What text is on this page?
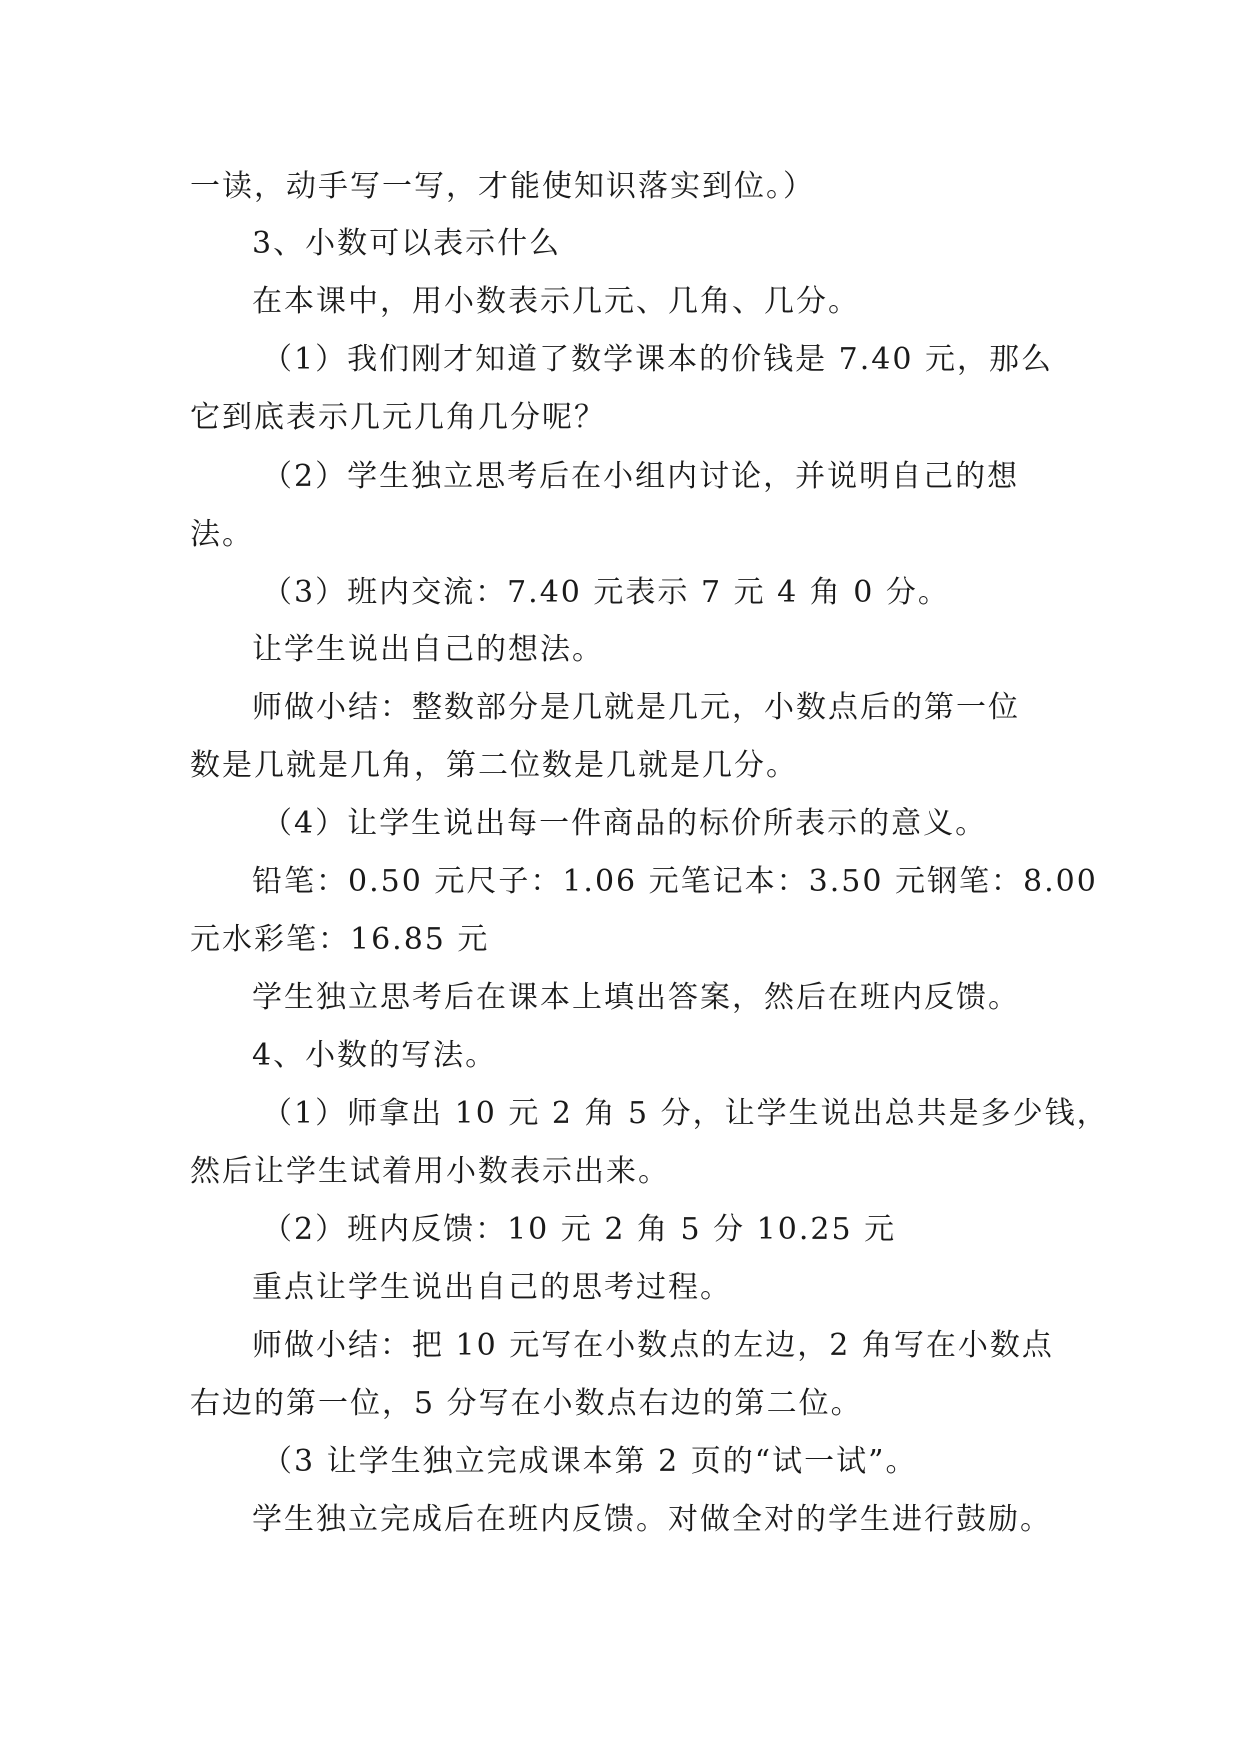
一读，动手写一写，才能使知识落实到位。）

3、小数可以表示什么

在本课中，用小数表示几元、几角、几分。

（1）我们刚才知道了数学课本的价钱是 7.40 元，那么

它到底表示几元几角几分呢？

（2）学生独立思考后在小组内讨论，并说明自己的想

法。

（3）班内交流：7.40 元表示 7 元 4 角 0 分。

让学生说出自己的想法。

师做小结：整数部分是几就是几元，小数点后的第一位

数是几就是几角，第二位数是几就是几分。

（4）让学生说出每一件商品的标价所表示的意义。

铅笔：0.50 元尺子：1.06 元笔记本：3.50 元钢笔：8.00

元水彩笔：16.85 元

学生独立思考后在课本上填出答案，然后在班内反馈。

4、小数的写法。

（1）师拿出 10 元 2 角 5 分，让学生说出总共是多少钱，

然后让学生试着用小数表示出来。

（2）班内反馈：10 元 2 角 5 分 10.25 元

重点让学生说出自己的思考过程。

师做小结：把 10 元写在小数点的左边，2 角写在小数点

右边的第一位，5 分写在小数点右边的第二位。

（3 让学生独立完成课本第 2 页的“试一试”。

学生独立完成后在班内反馈。对做全对的学生进行鼓励。
